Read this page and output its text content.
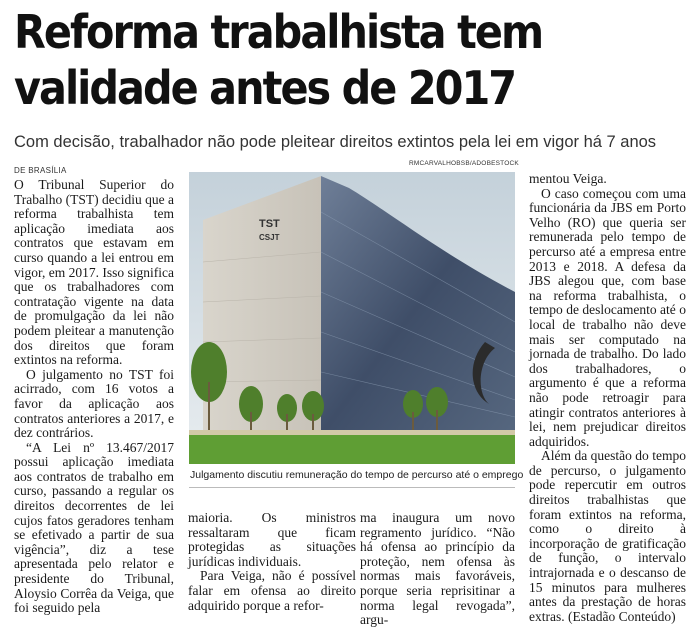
Reforma trabalhista tem
validade antes de 2017
Com decisão, trabalhador não pode pleitear direitos extintos pela lei em vigor há 7 anos
DE BRASÍLIA
RMCARVALHOBSB/ADOBESTOCK

O Tribunal Superior do Trabalho (TST) decidiu que a reforma trabalhista tem aplicação imediata aos contratos que estavam em curso quando a lei entrou em vigor, em 2017. Isso significa que os trabalhadores com contratação vigente na data de promulgação da lei não podem pleitear a manutenção dos direitos que foram extintos na reforma.

O julgamento no TST foi acirrado, com 16 votos a favor da aplicação aos contratos anteriores a 2017, e dez contrários.

“A Lei nº 13.467/2017 possui aplicação imediata aos contratos de trabalho em curso, passando a regular os direitos decorrentes de lei cujos fatos geradores tenham se efetivado a partir de sua vigência”, diz a tese apresentada pelo relator e presidente do Tribunal, Aloysio Corrêa da Veiga, que foi seguido pela

TST
CSJT
Julgamento discutiu remuneração do tempo de percurso até o emprego

maioria. Os ministros ressaltaram que ficam protegidas as situações jurídicas individuais.

Para Veiga, não é possível falar em ofensa ao direito adquirido porque a refor-

ma inaugura um novo regramento jurídico. “Não há ofensa ao princípio da proteção, nem ofensa às normas mais favoráveis, porque seria reprisitinar a norma legal revogada”, argu-

mentou Veiga.

O caso começou com uma funcionária da JBS em Porto Velho (RO) que queria ser remunerada pelo tempo de percurso até a empresa entre 2013 e 2018. A defesa da JBS alegou que, com base na reforma trabalhista, o tempo de deslocamento até o local de trabalho não deve mais ser computado na jornada de trabalho. Do lado dos trabalhadores, o argumento é que a reforma não pode retroagir para atingir contratos anteriores à lei, nem prejudicar direitos adquiridos.

Além da questão do tempo de percurso, o julgamento pode repercutir em outros direitos trabalhistas que foram extintos na reforma, como o direito à incorporação de gratificação de função, o intervalo intrajornada e o descanso de 15 minutos para mulheres antes da prestação de horas extras. (Estadão Conteúdo)
